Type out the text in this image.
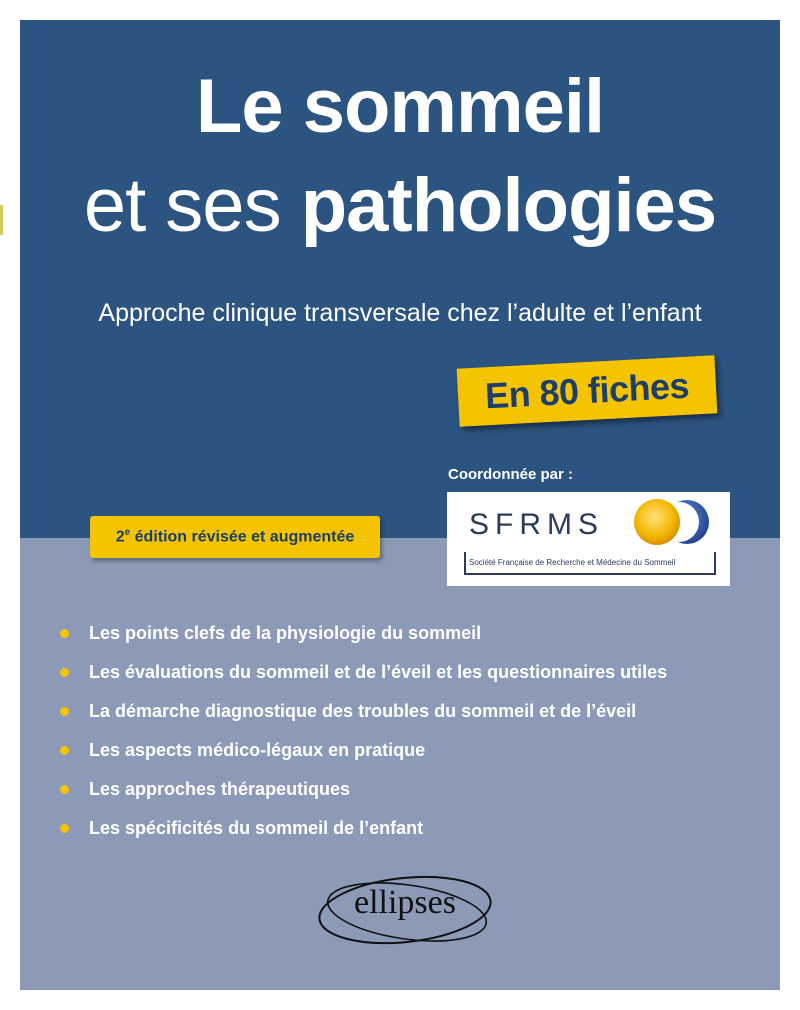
Le sommeil
et ses pathologies
Approche clinique transversale chez l’adulte et l’enfant
En 80 fiches
Coordonnée par :
SFRMS
Société Française de Recherche et Médecine du Sommeil
2e édition révisée et augmentée
Les points clefs de la physiologie du sommeil
Les évaluations du sommeil et de l’éveil et les questionnaires utiles
La démarche diagnostique des troubles du sommeil et de l’éveil
Les aspects médico-légaux en pratique
Les approches thérapeutiques
Les spécificités du sommeil de l’enfant
ellipses
